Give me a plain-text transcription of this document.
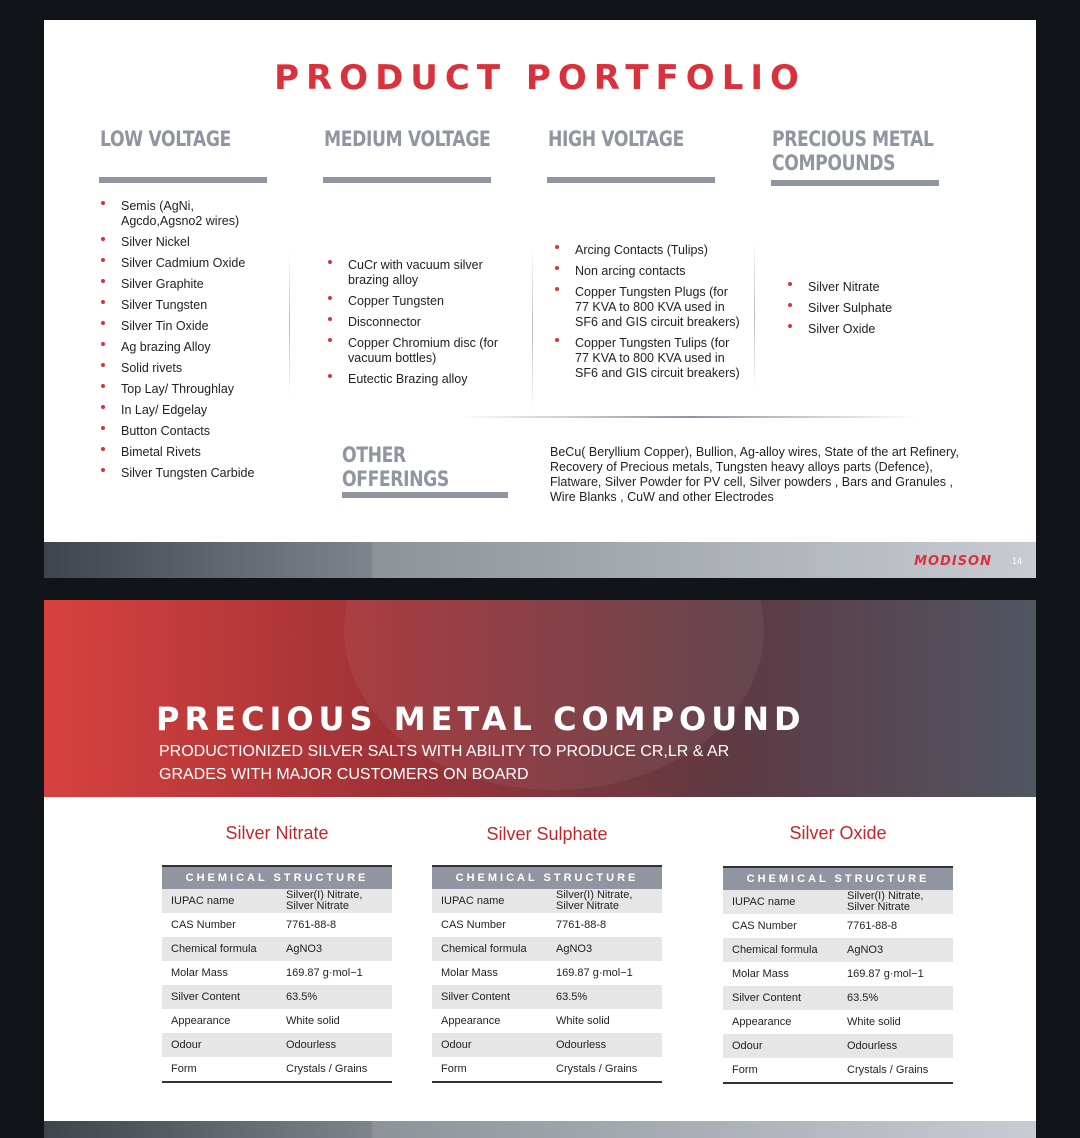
PRODUCT PORTFOLIO
LOW VOLTAGE	MEDIUM VOLTAGE	HIGH VOLTAGE	PRECIOUS METAL COMPOUNDS
Semis (AgNi, Agcdo,Agsno2 wires)
Silver Nickel
Silver Cadmium Oxide
Silver Graphite
Silver Tungsten
Silver Tin Oxide
Ag brazing Alloy
Solid rivets
Top Lay/ Throughlay
In Lay/ Edgelay
Button Contacts
Bimetal Rivets
Silver Tungsten Carbide
CuCr with vacuum silver brazing alloy
Copper Tungsten
Disconnector
Copper Chromium disc (for vacuum bottles)
Eutectic Brazing alloy
Arcing Contacts (Tulips)
Non arcing contacts
Copper Tungsten Plugs (for 77 KVA to 800 KVA used in SF6 and GIS circuit breakers)
Copper Tungsten Tulips (for 77 KVA to 800 KVA used in SF6 and GIS circuit breakers)
Silver Nitrate
Silver Sulphate
Silver Oxide
OTHER OFFERINGS
BeCu( Beryllium Copper), Bullion, Ag-alloy wires, State of the art Refinery, Recovery of Precious metals, Tungsten heavy alloys parts (Defence), Flatware, Silver Powder for PV cell, Silver powders , Bars and Granules , Wire Blanks , CuW and other Electrodes
MODISON 14
PRECIOUS METAL COMPOUND
PRODUCTIONIZED SILVER SALTS WITH ABILITY TO PRODUCE CR,LR & AR GRADES WITH MAJOR CUSTOMERS ON BOARD
Silver Nitrate	Silver Sulphate	Silver Oxide
CHEMICAL STRUCTURE	
IUPAC name	Silver(I) Nitrate, Silver Nitrate
CAS Number	7761-88-8
Chemical formula	AgNO3
Molar Mass	169.87 g·mol−1
Silver Content	63.5%
Appearance	White solid
Odour	Odourless
Form	Crystals / Grains
CHEMICAL STRUCTURE	
IUPAC name	Silver(I) Nitrate, Silver Nitrate
CAS Number	7761-88-8
Chemical formula	AgNO3
Molar Mass	169.87 g·mol−1
Silver Content	63.5%
Appearance	White solid
Odour	Odourless
Form	Crystals / Grains
CHEMICAL STRUCTURE	
IUPAC name	Silver(I) Nitrate, Silver Nitrate
CAS Number	7761-88-8
Chemical formula	AgNO3
Molar Mass	169.87 g·mol−1
Silver Content	63.5%
Appearance	White solid
Odour	Odourless
Form	Crystals / Grains
